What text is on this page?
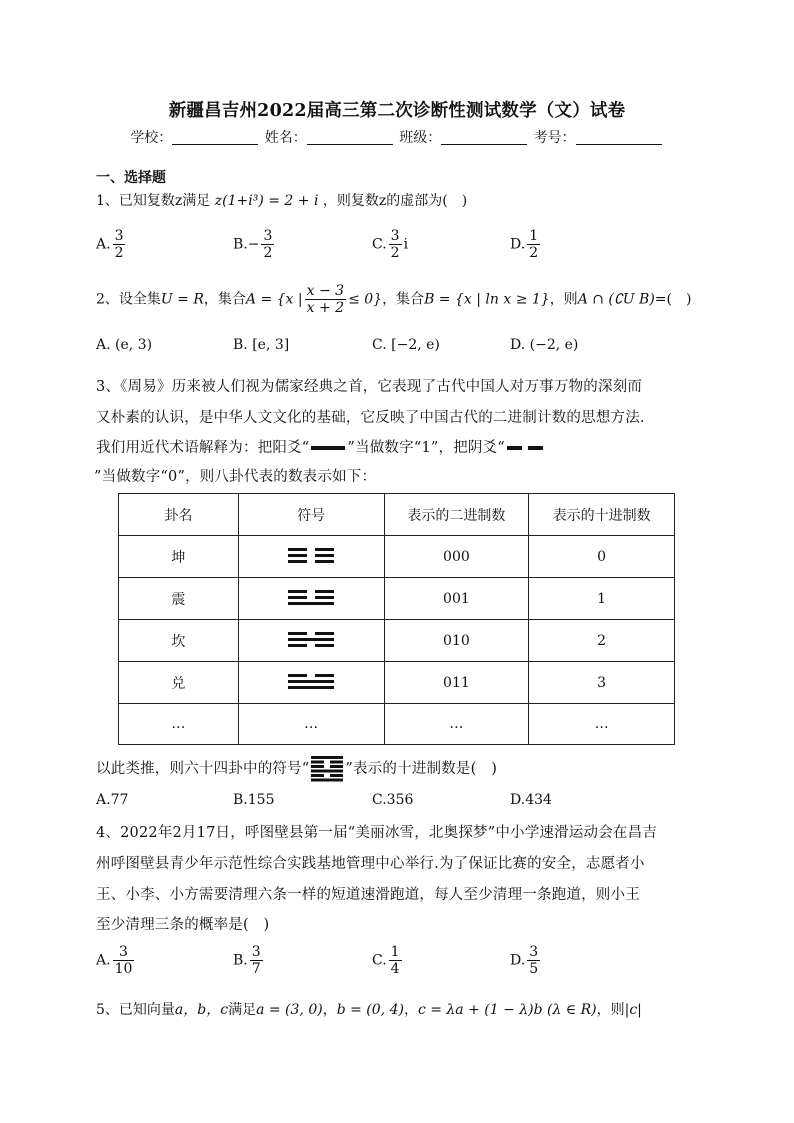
新疆昌吉州2022届高三第二次诊断性测试数学（文）试卷
学校：	姓名：	班级：	考号：
一、选择题
1、已知复数z满足 z(1+i³) = 2 + i ，则复数z的虚部为(　)
A. $\frac{3}{2}$	$B.- \frac{3}{2}$	C. $\frac{3}{2}$ i	D. $\frac{1}{2}$
2、设全集U = R，集合A = {x | $\frac{x - 3}{x + 2} \le 0$}，集合B = {x | ln x ≥ 1}，则A ∩ (∁U B)=(　)
A. (e, 3)	B. [e, 3]	C. [−2, e)	D. (−2, e)
3、《周易》历来被人们视为儒家经典之首，它表现了古代中国人对万事万物的深刻而
又朴素的认识，是中华人文文化的基础，它反映了中国古代的二进制计数的思想方法.
我们用近代术语解释为：把阳爻“	”当做数字“1”，把阴爻“
”当做数字“0”，则八卦代表的数表示如下：
卦名	符号	表示的二进制数	表示的十进制数
坤		000	0
震		001	1
坎		010	2
兑		011	3
…	…	…	…
以此类推，则六十四卦中的符号“ ”表示的十进制数是(　)
A.77	B.155	C.356	D.434
4、2022年2月17日，呼图壁县第一届“美丽冰雪，北奥探梦”中小学速滑运动会在昌吉
州呼图壁县青少年示范性综合实践基地管理中心举行.为了保证比赛的安全，志愿者小
王、小李、小方需要清理六条一样的短道速滑跑道，每人至少清理一条跑道，则小王
至少清理三条的概率是(　)
A. $\frac{3}{10}$	B. $\frac{3}{7}$	C. $\frac{1}{4}$	D. $\frac{3}{5}$
5、已知向量a，b，c满足a = (3, 0)，b = (0, 4)，c = λa + (1 − λ)b (λ ∈ R)，则|c|
